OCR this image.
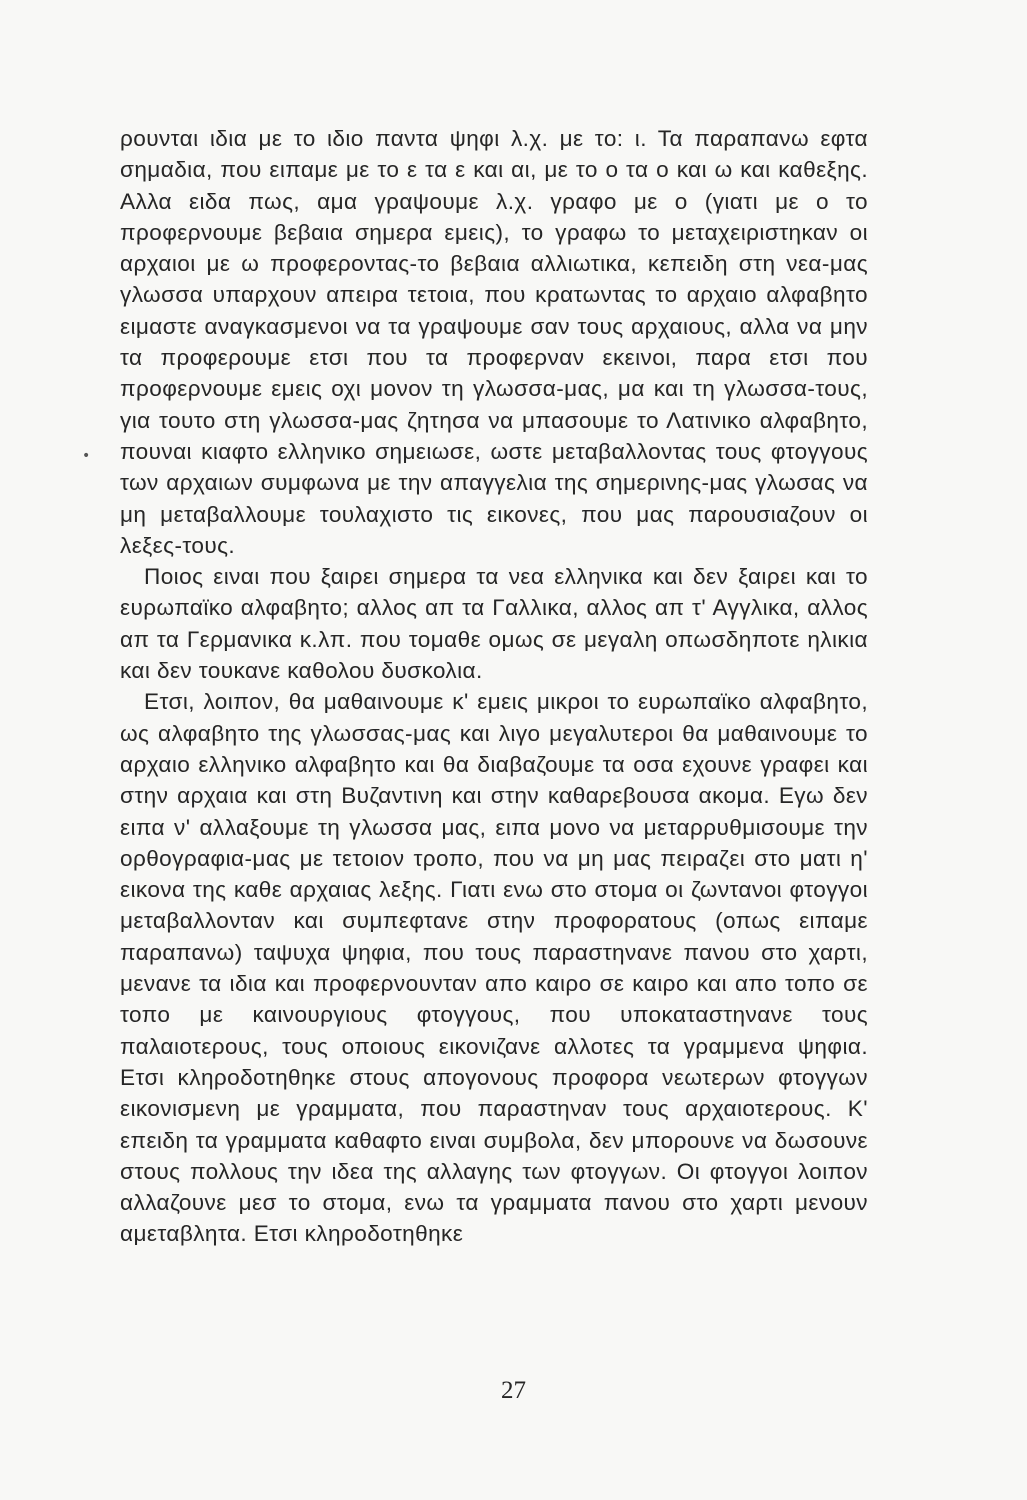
ρουνται ιδια με το ιδιο παντα ψηφι λ.χ. με το: ι. Τα παραπανω εφτα σημαδια, που ειπαμε με το ε τα ε και αι, με το ο τα ο και ω και καθεξης. Αλλα ειδα πως, αμα γραψουμε λ.χ. γραφο με ο (γιατι με ο το προφερνουμε βεβαια σημερα εμεις), το γραφω το μεταχειριστηκαν οι αρχαιοι με ω προφεροντας-το βεβαια αλλιωτικα, κεπειδη στη νεα-μας γλωσσα υπαρχουν απειρα τετοια, που κρατωντας το αρχαιο αλφαβητο ειμαστε αναγκασμενοι να τα γραψουμε σαν τους αρχαιους, αλλα να μην τα προφερουμε ετσι που τα προφερναν εκεινοι, παρα ετσι που προφερνουμε εμεις οχι μονον τη γλωσσα-μας, μα και τη γλωσσα-τους, για τουτο στη γλωσσα-μας ζητησα να μπασουμε το Λατινικο αλφαβητο, πουναι κιαφτο ελληνικο σημειωσε, ωστε μεταβαλλοντας τους φτογγους των αρχαιων συμφωνα με την απαγγελια της σημερινης-μας γλωσας να μη μεταβαλλουμε τουλαχιστο τις εικονες, που μας παρουσιαζουν οι λεξες-τους.

Ποιος ειναι που ξαιρει σημερα τα νεα ελληνικα και δεν ξαιρει και το ευρωπαϊκο αλφαβητο; αλλος απ τα Γαλλικα, αλλος απ τ' Αγγλικα, αλλος απ τα Γερμανικα κ.λπ. που τομαθε ομως σε μεγαλη οπωσδηποτε ηλικια και δεν τουκανε καθολου δυσκολια.

Ετσι, λοιπον, θα μαθαινουμε κ' εμεις μικροι το ευρωπαϊκο αλφαβητο, ως αλφαβητο της γλωσσας-μας και λιγο μεγαλυτεροι θα μαθαινουμε το αρχαιο ελληνικο αλφαβητο και θα διαβαζουμε τα οσα εχουνε γραφει και στην αρχαια και στη Βυζαντινη και στην καθαρεβουσα ακομα. Εγω δεν ειπα ν' αλλαξουμε τη γλωσσα μας, ειπα μονο να μεταρρυθμισουμε την ορθογραφια-μας με τετοιον τροπο, που να μη μας πειραζει στο ματι η' εικονα της καθε αρχαιας λεξης. Γιατι ενω στο στομα οι ζωντανοι φτογγοι μεταβαλλονταν και συμπεφτανε στην προφορατους (οπως ειπαμε παραπανω) ταψυχα ψηφια, που τους παραστηνανε πανου στο χαρτι, μενανε τα ιδια και προφερνουνταν απο καιρο σε καιρο και απο τοπο σε τοπο με καινουργιους φτογγους, που υποκαταστηνανε τους παλαιοτερους, τους οποιους εικονιζανε αλλοτες τα γραμμενα ψηφια. Ετσι κληροδοτηθηκε στους απογονους προφορα νεωτερων φτογγων εικονισμενη με γραμματα, που παραστηναν τους αρχαιοτερους. Κ' επειδη τα γραμματα καθαφτο ειναι συμβολα, δεν μπορουνε να δωσουνε στους πολλους την ιδεα της αλλαγης των φτογγων. Οι φτογγοι λοιπον αλλαζουνε μεσ το στομα, ενω τα γραμματα πανου στο χαρτι μενουν αμεταβλητα. Ετσι κληροδοτηθηκε

•
27
